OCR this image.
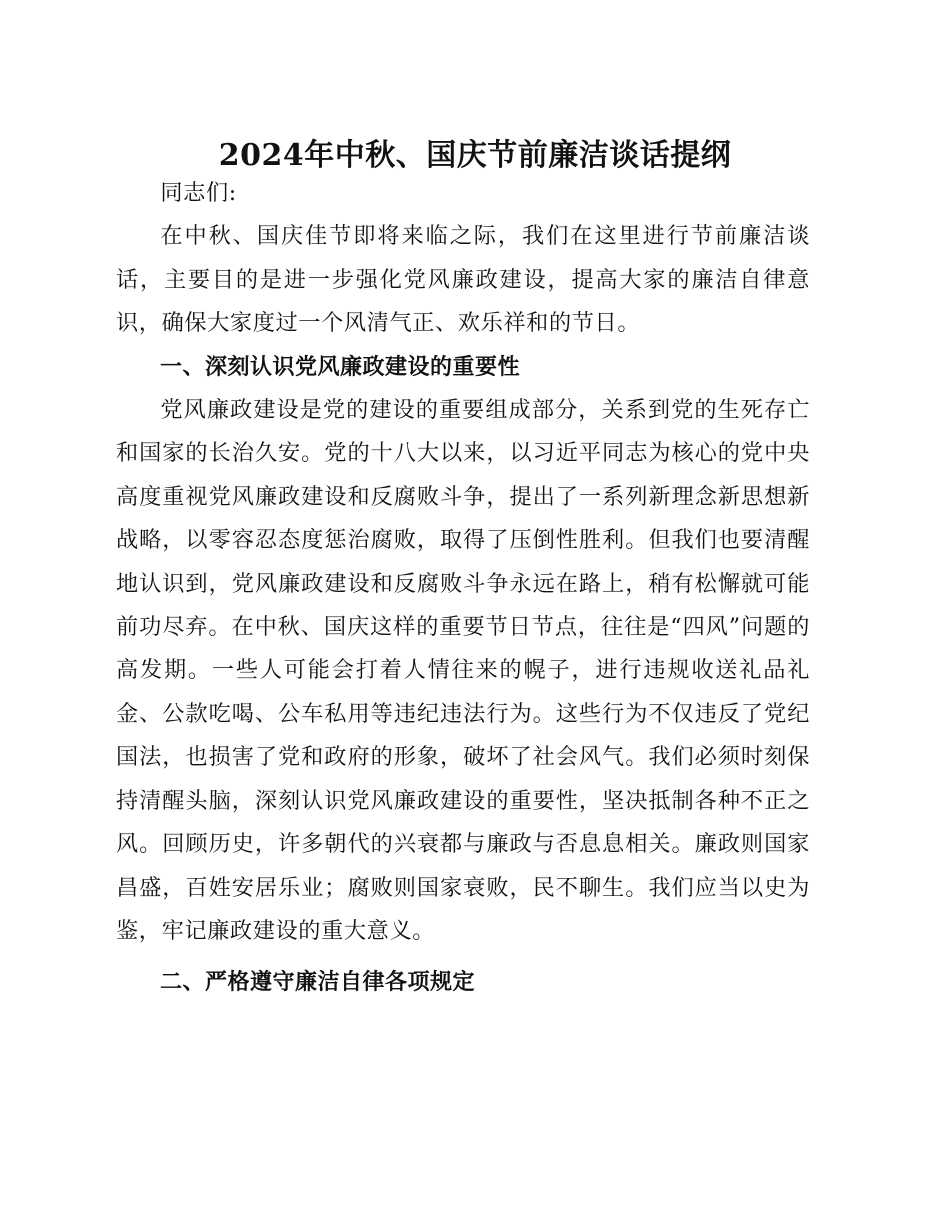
2024年中秋、国庆节前廉洁谈话提纲

同志们:

在中秋、国庆佳节即将来临之际，我们在这里进行节前廉洁谈话，主要目的是进一步强化党风廉政建设，提高大家的廉洁自律意识，确保大家度过一个风清气正、欢乐祥和的节日。

一、深刻认识党风廉政建设的重要性

党风廉政建设是党的建设的重要组成部分，关系到党的生死存亡和国家的长治久安。党的十八大以来，以习近平同志为核心的党中央高度重视党风廉政建设和反腐败斗争，提出了一系列新理念新思想新战略，以零容忍态度惩治腐败，取得了压倒性胜利。但我们也要清醒地认识到，党风廉政建设和反腐败斗争永远在路上，稍有松懈就可能前功尽弃。在中秋、国庆这样的重要节日节点，往往是“四风”问题的高发期。一些人可能会打着人情往来的幌子，进行违规收送礼品礼金、公款吃喝、公车私用等违纪违法行为。这些行为不仅违反了党纪国法，也损害了党和政府的形象，破坏了社会风气。我们必须时刻保持清醒头脑，深刻认识党风廉政建设的重要性，坚决抵制各种不正之风。回顾历史，许多朝代的兴衰都与廉政与否息息相关。廉政则国家昌盛，百姓安居乐业；腐败则国家衰败，民不聊生。我们应当以史为鉴，牢记廉政建设的重大意义。

二、严格遵守廉洁自律各项规定
